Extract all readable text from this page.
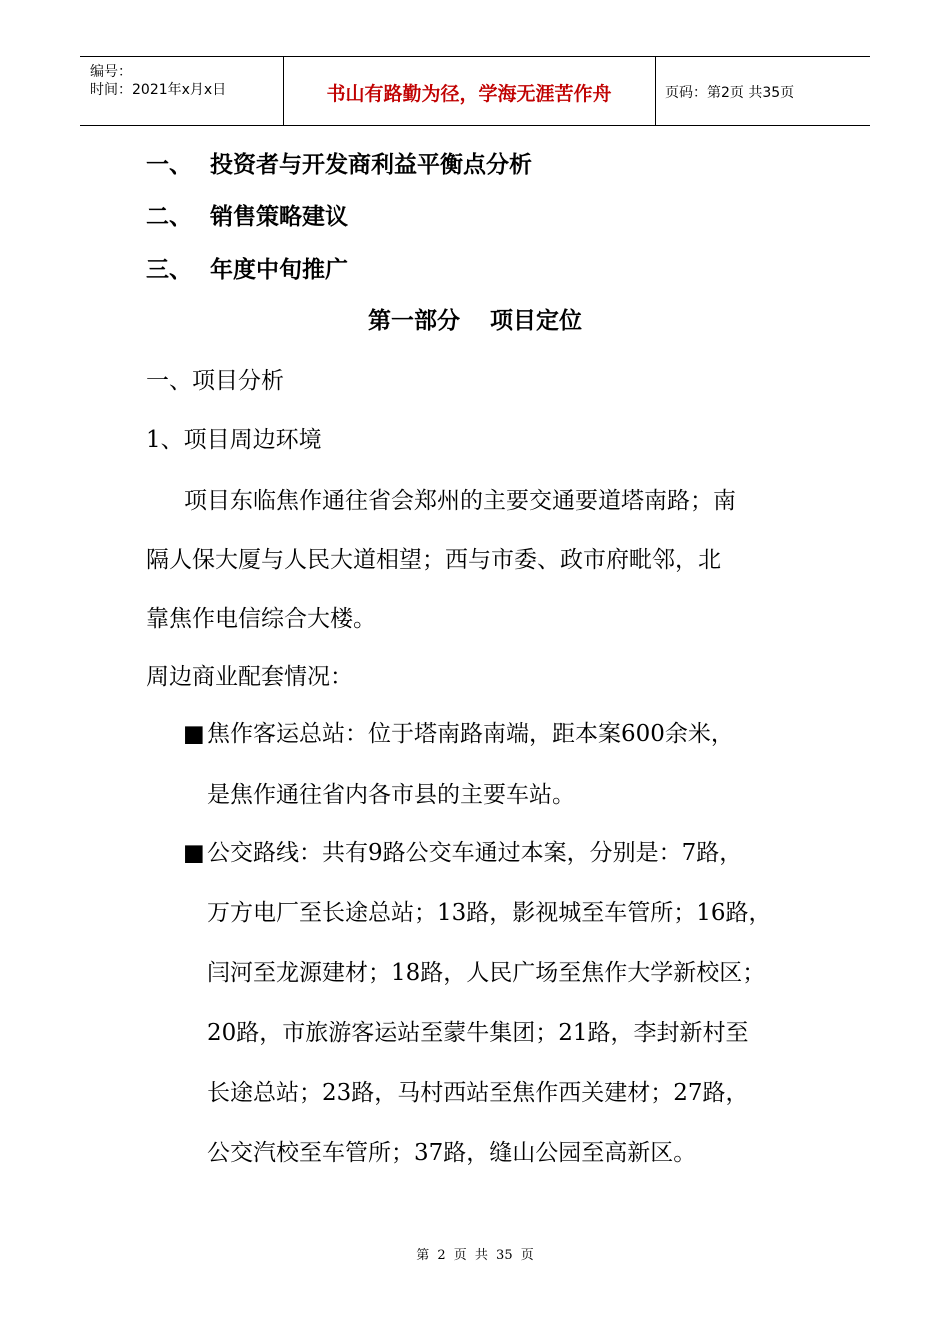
编号：
时间：2021年x月x日	书山有路勤为径，学海无涯苦作舟	页码：第2页 共35页
一、 投资者与开发商利益平衡点分析
二、 销售策略建议
三、 年度中旬推广
第一部分 项目定位
一、项目分析
1、项目周边环境
项目东临焦作通往省会郑州的主要交通要道塔南路；南
隔人保大厦与人民大道相望；西与市委、政市府毗邻，北
靠焦作电信综合大楼。
周边商业配套情况：
■焦作客运总站：位于塔南路南端，距本案600余米，
是焦作通往省内各市县的主要车站。
■公交路线：共有9路公交车通过本案，分别是：7路，
万方电厂至长途总站；13路，影视城至车管所；16路，
闫河至龙源建材；18路，人民广场至焦作大学新校区；
20路，市旅游客运站至蒙牛集团；21路，李封新村至
长途总站；23路，马村西站至焦作西关建材；27路，
公交汽校至车管所；37路，缝山公园至高新区。
第 2 页 共 35 页
